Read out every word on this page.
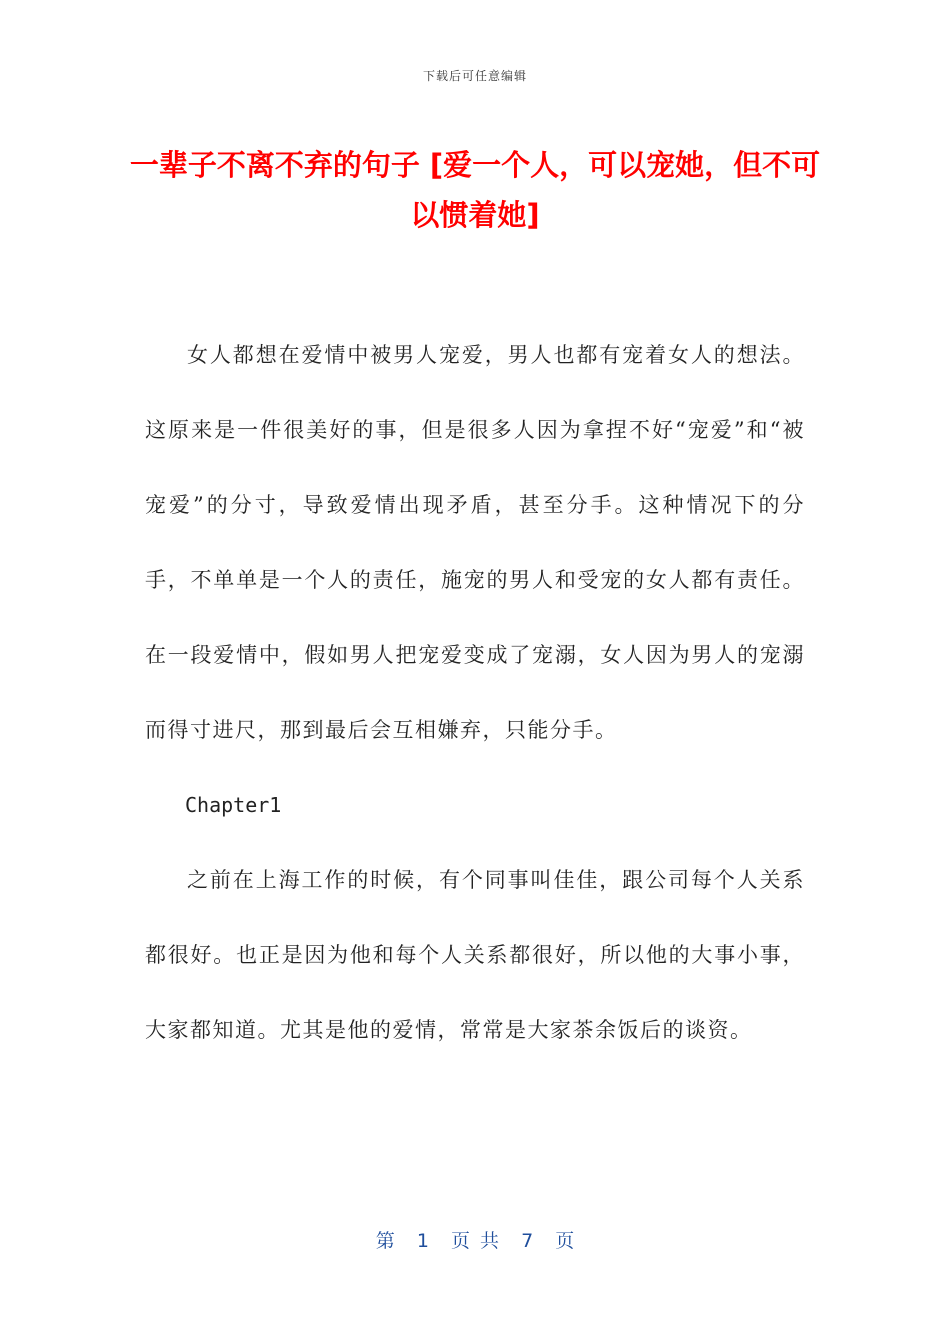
下载后可任意编辑
一辈子不离不弃的句子 [爱一个人，可以宠她，但不可以惯着她]

女人都想在爱情中被男人宠爱，男人也都有宠着女人的想法。这原来是一件很美好的事，但是很多人因为拿捏不好“宠爱”和“被宠爱”的分寸，导致爱情出现矛盾，甚至分手。这种情况下的分手，不单单是一个人的责任，施宠的男人和受宠的女人都有责任。在一段爱情中，假如男人把宠爱变成了宠溺，女人因为男人的宠溺而得寸进尺，那到最后会互相嫌弃，只能分手。

Chapter1

之前在上海工作的时候，有个同事叫佳佳，跟公司每个人关系都很好。也正是因为他和每个人关系都很好，所以他的大事小事，大家都知道。尤其是他的爱情，常常是大家茶余饭后的谈资。

第 1 页 共 7 页
